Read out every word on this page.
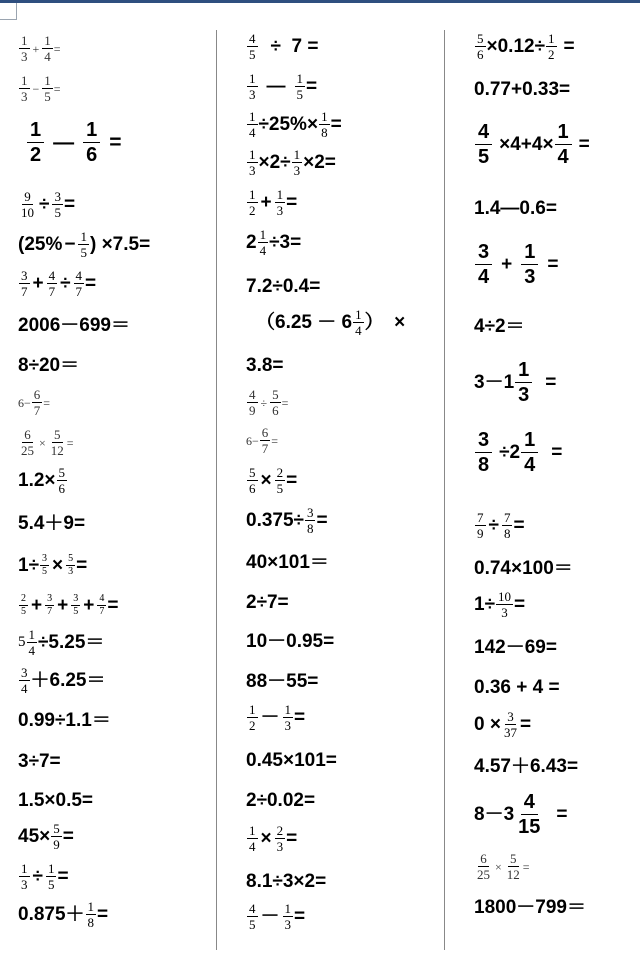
$\frac{1}{3} + \frac{1}{4}$ =
$\frac{1}{3} - \frac{1}{5}$ =
$\frac{1}{2}$ — $\frac{1}{6}$ =
$\frac{9}{10} \div \frac{3}{5}$ =
($25\% - \frac{1}{5}$ ) ×7.5=
$\frac{3}{7} + \frac{4}{7} \div \frac{4}{7}$ =
2006－699＝
8÷20＝
$6- \frac{6}{7}$ =
$\frac{6}{25} \times \frac{5}{12}$ =
$1.2\times \frac{5}{6}$
5.4＋9=
$1\div \frac{3}{5} \times \frac{5}{3}$ =
$\frac{2}{5} + \frac{3}{7} + \frac{3}{5} + \frac{4}{7}$ =
$5 \frac{1}{4} \div 5.25=$
$\frac{3}{4} +6.25=$
0.99÷1.1＝
3÷7=
1.5×0.5=
$45\times \frac{5}{9}$ =
$\frac{1}{3} \div \frac{1}{5}$ =
$0.875+ \frac{1}{8}$ =
$\frac{4}{5} \div 7$ =
$\frac{1}{3}$ — $\frac{1}{5}$ =
$\frac{1}{4} \div 25\%\times \frac{1}{8}$ =
$\frac{1}{3} \times 2\div \frac{1}{3} \times 2=$
$\frac{1}{2} + \frac{1}{3}$ =
$2 \frac{1}{4} \div 3=$
7.2÷0.4=
（$6.25 - 6 \frac{1}{4}$ ）  ×
3.8=
$\frac{4}{9} \div \frac{5}{6}$ =
$6- \frac{6}{7}$ =
$\frac{5}{6} \times \frac{2}{5}$ =
$0.375\div \frac{3}{8}$ =
40×101＝
2÷7=
10－0.95=
88－55=
$\frac{1}{2} - \frac{1}{3}$ =
0.45×101=
2÷0.02=
$\frac{1}{4} \times \frac{2}{3}$ =
8.1÷3×2=
$\frac{4}{5} - \frac{1}{3}$ =
$\frac{5}{6} \times 0.12\div \frac{1}{2}$ =
0.77+0.33=
$\frac{4}{5} \times 4+4\times \frac{1}{4}$ =
1.4—0.6=
$\frac{3}{4} + \frac{1}{3}$ =
4÷2＝
$3-1 \frac{1}{3}$ =
$\frac{3}{8} \div 2 \frac{1}{4}$ =
$\frac{7}{9} \div \frac{7}{8}$ =
0.74×100＝
$1\div \frac{10}{3}$ =
142－69=
0.36 + 4 =
$0 \times \frac{3}{37}$ =
4.57＋6.43=
$8-3 \frac{4}{15}$ =
$\frac{6}{25} \times \frac{5}{12}$ =
1800－799＝
